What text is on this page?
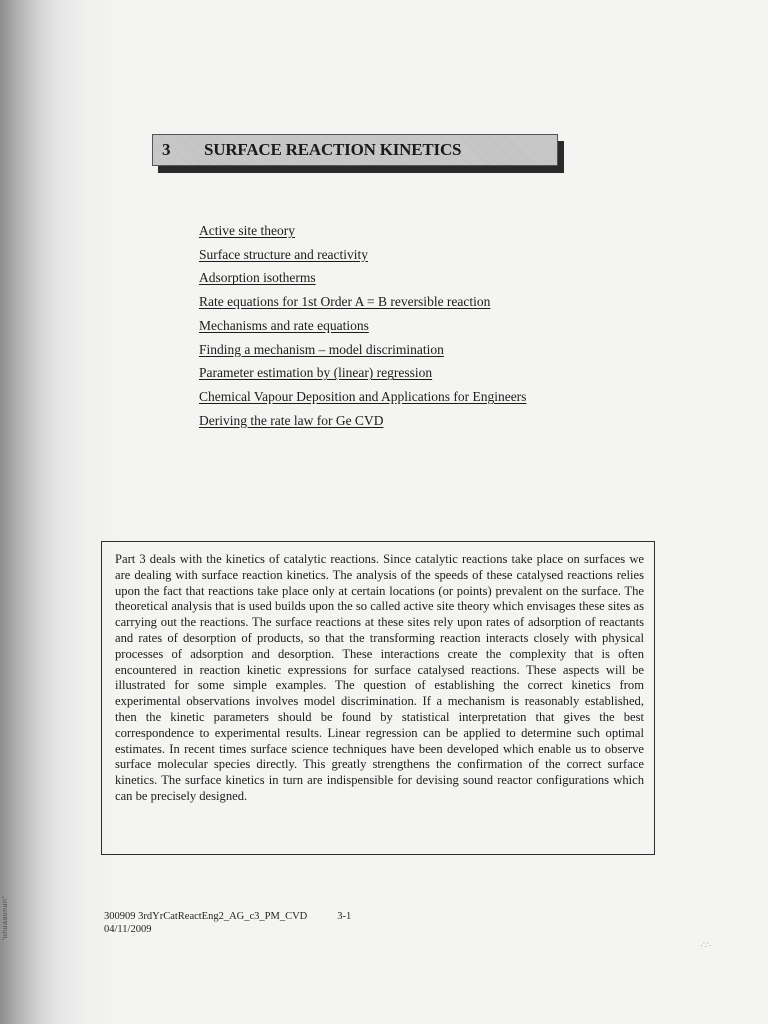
'unuaaunun''
3	SURFACE REACTION KINETICS
Active site theory
Surface structure and reactivity
Adsorption isotherms
Rate equations for 1st Order A = B reversible reaction
Mechanisms and rate equations
Finding a mechanism – model discrimination
Parameter estimation by (linear) regression
Chemical Vapour Deposition and Applications for Engineers
Deriving the rate law for Ge CVD

Part 3 deals with the kinetics of catalytic reactions. Since catalytic reactions take place on surfaces we are dealing with surface reaction kinetics. The analysis of the speeds of these catalysed reactions relies upon the fact that reactions take place only at certain locations (or points) prevalent on the surface. The theoretical analysis that is used builds upon the so called active site theory which envisages these sites as carrying out the reactions. The surface reactions at these sites rely upon rates of adsorption of reactants and rates of desorption of products, so that the transforming reaction interacts closely with physical processes of adsorption and desorption. These interactions create the complexity that is often encountered in reaction kinetic expressions for surface catalysed reactions. These aspects will be illustrated for some simple examples. The question of establishing the correct kinetics from experimental observations involves model discrimination. If a mechanism is reasonably established, then the kinetic parameters should be found by statistical interpretation that gives the best correspondence to experimental results. Linear regression can be applied to determine such optimal estimates. In recent times surface science techniques have been developed which enable us to observe surface molecular species directly. This greatly strengthens the confirmation of the correct surface kinetics. The surface kinetics in turn are indispensible for devising sound reactor configurations which can be precisely designed.

300909 3rdYrCatReactEng2_AG_c3_PM_CVD	3-1
04/11/2009
·∵·
